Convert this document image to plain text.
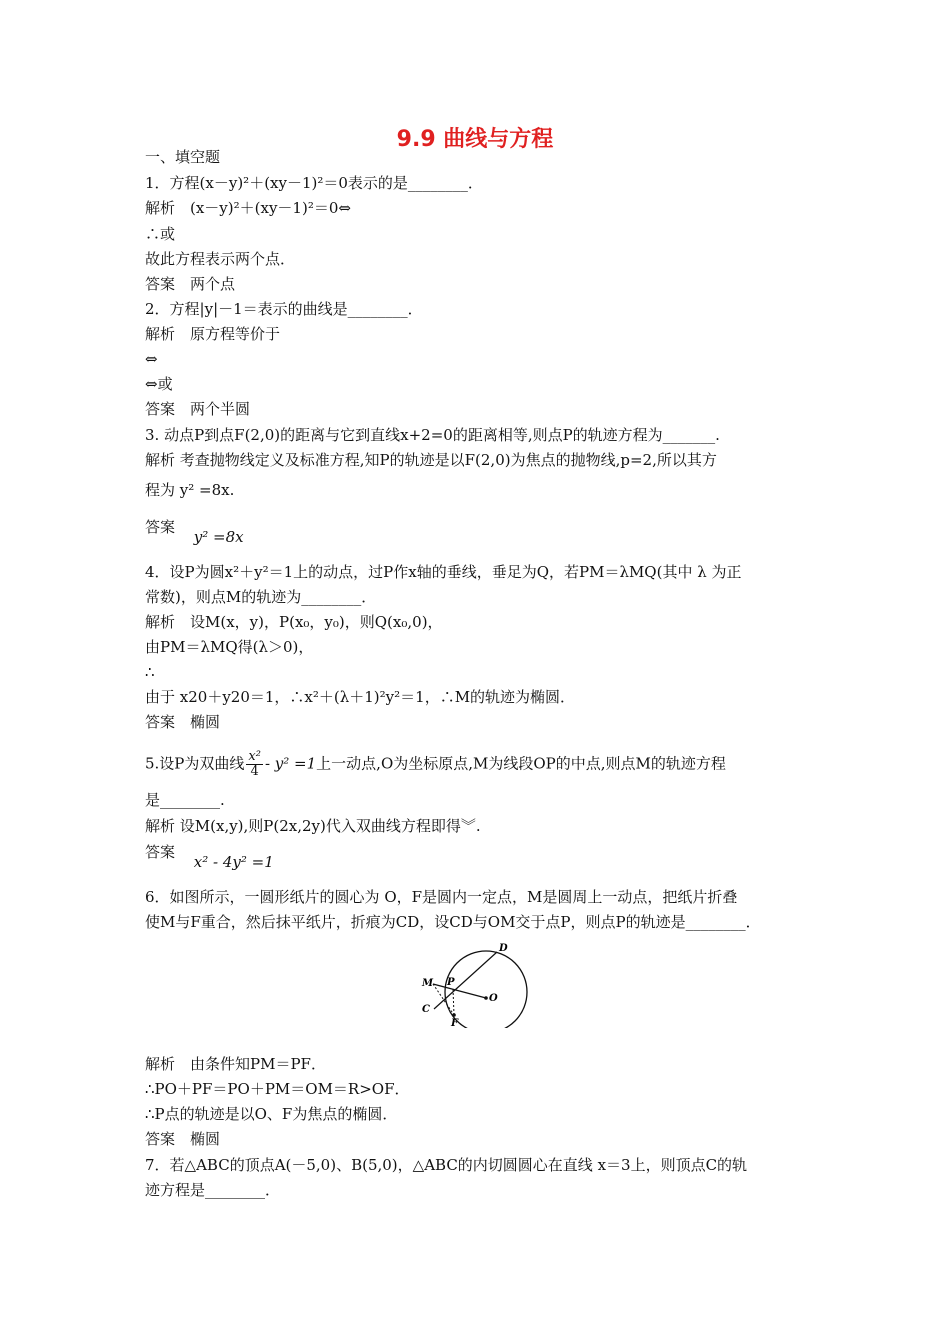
9.9 曲线与方程
一、填空题
1．方程(x－y)²＋(xy－1)²＝0表示的是________．
解析　(x－y)²＋(xy－1)²＝0⇔
∴或
故此方程表示两个点．
答案　两个点
2．方程|y|－1＝表示的曲线是________．
解析　原方程等价于
⇔
⇔或
答案　两个半圆
3. 动点P到点F(2,0)的距离与它到直线x+2=0的距离相等,则点P的轨迹方程为_______.
解析 考查抛物线定义及标准方程,知P的轨迹是以F(2,0)为焦点的抛物线,p=2,所以其方
程为 y² =8x.
答案 y² =8x
4．设P为圆x²＋y²＝1上的动点，过P作x轴的垂线，垂足为Q，若PM＝λMQ(其中 λ 为正
常数)，则点M的轨迹为________．
解析　设M(x，y)，P(x₀，y₀)，则Q(x₀,0)，
由PM＝λMQ得(λ＞0)，
∴
由于 x20＋y20＝1，∴x²＋(λ＋1)²y²＝1，∴M的轨迹为椭圆．
答案　椭圆
5.设P为双曲线 $\frac{\text{x²}}{4} - y^2 =1$上一动点,O为坐标原点,M为线段OP的中点,则点M的轨迹方程
是________.
解析 设M(x,y),则P(2x,2y)代入双曲线方程即得︾.
答案 x² - 4y² =1
6．如图所示，一圆形纸片的圆心为 O，F是圆内一定点，M是圆周上一动点，把纸片折叠
使M与F重合，然后抹平纸片，折痕为CD，设CD与OM交于点P，则点P的轨迹是________．
D
M P
C
O
F
解析　由条件知PM＝PF．
∴PO＋PF＝PO＋PM＝OM＝R>OF．
∴P点的轨迹是以O、F为焦点的椭圆．
答案　椭圆
7．若△ABC的顶点A(－5,0)、B(5,0)，△ABC的内切圆圆心在直线 x＝3上，则顶点C的轨
迹方程是________．
